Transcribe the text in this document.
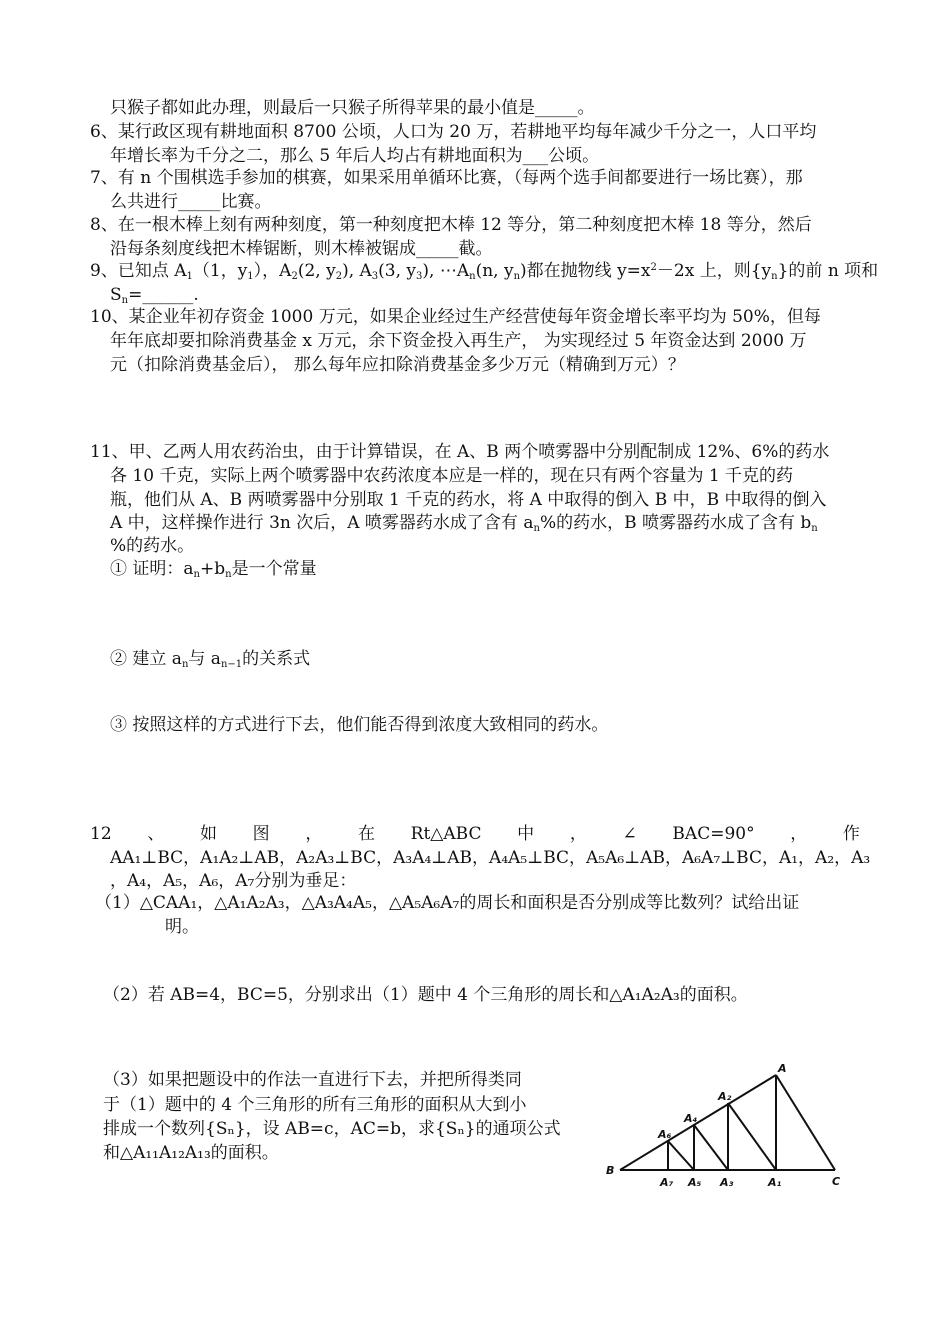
只猴子都如此办理，则最后一只猴子所得苹果的最小值是_____。
6、某行政区现有耕地面积 8700 公顷，人口为 20 万，若耕地平均每年减少千分之一，人口平均
年增长率为千分之二，那么 5 年后人均占有耕地面积为___公顷。
7、有 n 个围棋选手参加的棋赛，如果采用单循环比赛，（每两个选手间都要进行一场比赛），那
么共进行_____比赛。
8、在一根木棒上刻有两种刻度，第一种刻度把木棒 12 等分，第二种刻度把木棒 18 等分，然后
沿每条刻度线把木棒锯断，则木棒被锯成_____截。
9、已知点 $A_1(1$，$y_1$），$A_2(2$, $y_2$), $A_3(3$, $y_3$), $\cdots A_n(n$, $y_n$)都在抛物线 $y=x^2-2x$ 上，则$\{y_n\}$的前 n 项和
$S_n=\_\_\_\_\_\_$.
10、某企业年初存资金 1000 万元，如果企业经过生产经营使每年资金增长率平均为 50%，但每
年年底却要扣除消费基金 x 万元，余下资金投入再生产， 为实现经过 5 年资金达到 2000 万
元（扣除消费基金后）， 那么每年应扣除消费基金多少万元（精确到万元）？
11、甲、乙两人用农药治虫，由于计算错误，在 A、B 两个喷雾器中分别配制成 12%、6%的药水
各 10 千克，实际上两个喷雾器中农药浓度本应是一样的，现在只有两个容量为 1 千克的药
瓶，他们从 A、B 两喷雾器中分别取 1 千克的药水，将 A 中取得的倒入 B 中，B 中取得的倒入
A 中，这样操作进行 3n 次后，A 喷雾器药水成了含有 $a_n\%$的药水，B 喷雾器药水成了含有 $b_n$
%的药水。
① 证明：$a_n+b_n$是一个常量
② 建立 $a_n$与 $a_{n-1}$的关系式
③ 按照这样的方式进行下去，他们能否得到浓度大致相同的药水。
12 、 如 图 ， 在 Rt△ABC 中 ， ∠ BAC=90° ， 作
AA₁⊥BC，A₁A₂⊥AB，A₂A₃⊥BC，A₃A₄⊥AB，A₄A₅⊥BC，A₅A₆⊥AB，A₆A₇⊥BC，A₁，A₂，A₃
，A₄，A₅，A₆，A₇分别为垂足：
（1）△CAA₁，△A₁A₂A₃，△A₃A₄A₅，△A₅A₆A₇的周长和面积是否分别成等比数列？试给出证
明。
（2）若 AB=4，BC=5，分别求出（1）题中 4 个三角形的周长和△A₁A₂A₃的面积。
（3）如果把题设中的作法一直进行下去，并把所得类同
于（1）题中的 4 个三角形的所有三角形的面积从大到小
排成一个数列{Sₙ}，设 AB=c，AC=b，求{Sₙ}的通项公式
和△A₁₁A₁₂A₁₃的面积。
A
B
C
A₁
A₂
A₃
A₄
A₅
A₆
A₇
